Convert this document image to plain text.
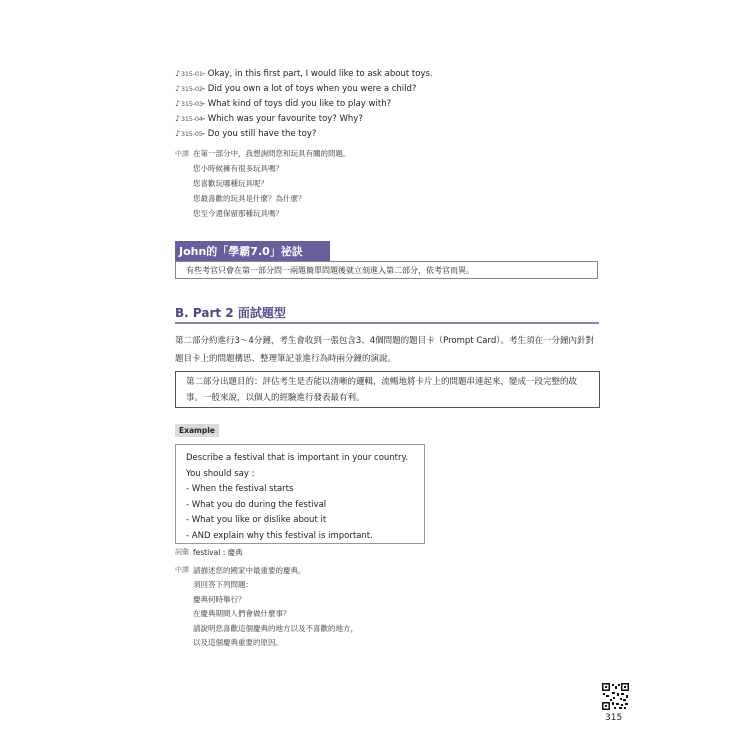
♪315-01 - Okay, in this first part, I would like to ask about toys.
♪315-02 - Did you own a lot of toys when you were a child?
♪315-03 - What kind of toys did you like to play with?
♪315-04 - Which was your favourite toy? Why?
♪315-05 - Do you still have the toy?
中譯 在第一部分中，我想詢問您和玩具有關的問題。
您小時候擁有很多玩具嗎？
您喜歡玩哪種玩具呢？
您最喜歡的玩具是什麼？為什麼？
您至今還保留那種玩具嗎？
John的「學霸7.0」祕訣
有些考官只會在第一部分問一兩題簡單問題後就立刻進入第二部分，依考官而異。
B. Part 2 面試題型
第二部分約進行3～4分鐘，考生會收到一張包含3、4個問題的題目卡（Prompt Card）。考生須在一分鐘內針對題目卡上的問題構思、整理筆記並進行為時兩分鐘的演說。
第二部分出題目的：評估考生是否能以清晰的邏輯，流暢地將卡片上的問題串連起來，變成一段完整的故事。一般來說，以個人的經驗進行發表最有利。
Example
Describe a festival that is important in your country.
You should say :
- When the festival starts
- What you do during the festival
- What you like or dislike about it
- AND explain why this festival is important.
詞彙 festival : 慶典
中譯 請描述您的國家中最重要的慶典。
須回答下列問題：
慶典何時舉行？
在慶典期間人們會做什麼事？
請說明您喜歡這個慶典的地方以及不喜歡的地方，
以及這個慶典重要的原因。
315
